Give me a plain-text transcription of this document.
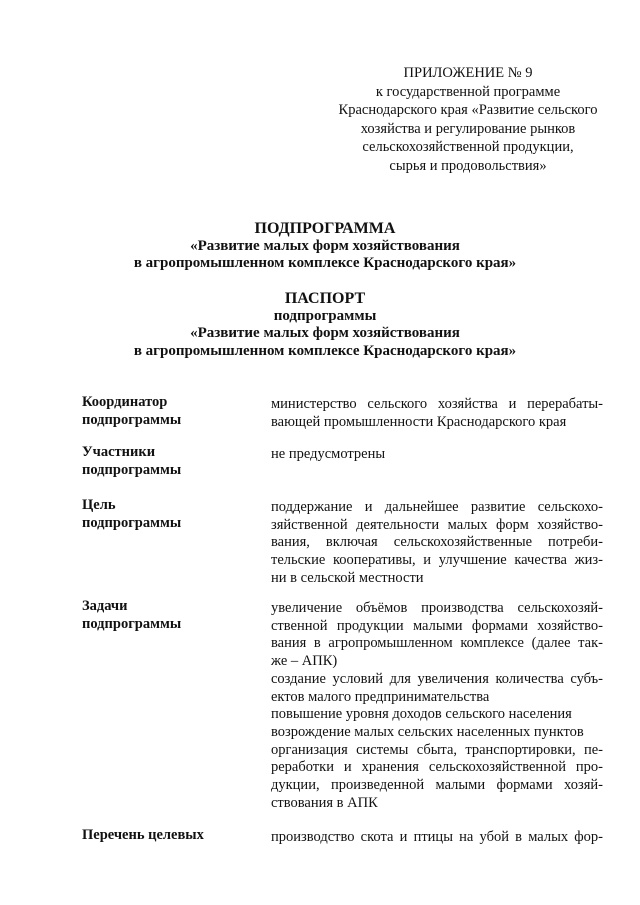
ПРИЛОЖЕНИЕ № 9
к государственной программе
Краснодарского края «Развитие сельского
хозяйства и регулирование рынков
сельскохозяйственной продукции,
сырья и продовольствия»
ПОДПРОГРАММА
«Развитие малых форм хозяйствования
в агропромышленном комплексе Краснодарского края»
ПАСПОРТ
подпрограммы
«Развитие малых форм хозяйствования
в агропромышленном комплексе Краснодарского края»
Координатор
подпрограммы
министерство сельского хозяйства и перерабаты-
вающей промышленности Краснодарского края
Участники
подпрограммы
не предусмотрены
Цель
подпрограммы
поддержание и дальнейшее развитие сельскохо-
зяйственной деятельности малых форм хозяйство-
вания, включая сельскохозяйственные потреби-
тельские кооперативы, и улучшение качества жиз-
ни в сельской местности
Задачи
подпрограммы
увеличение объёмов производства сельскохозяй-
ственной продукции малыми формами хозяйство-
вания в агропромышленном комплексе (далее так-
же – АПК)
создание условий для увеличения количества субъ-
ектов малого предпринимательства
повышение уровня доходов сельского населения
возрождение малых сельских населенных пунктов
организация системы сбыта, транспортировки, пе-
реработки и хранения сельскохозяйственной про-
дукции, произведенной малыми формами хозяй-
ствования в АПК
Перечень целевых	производство скота и птицы на убой в малых фор-
